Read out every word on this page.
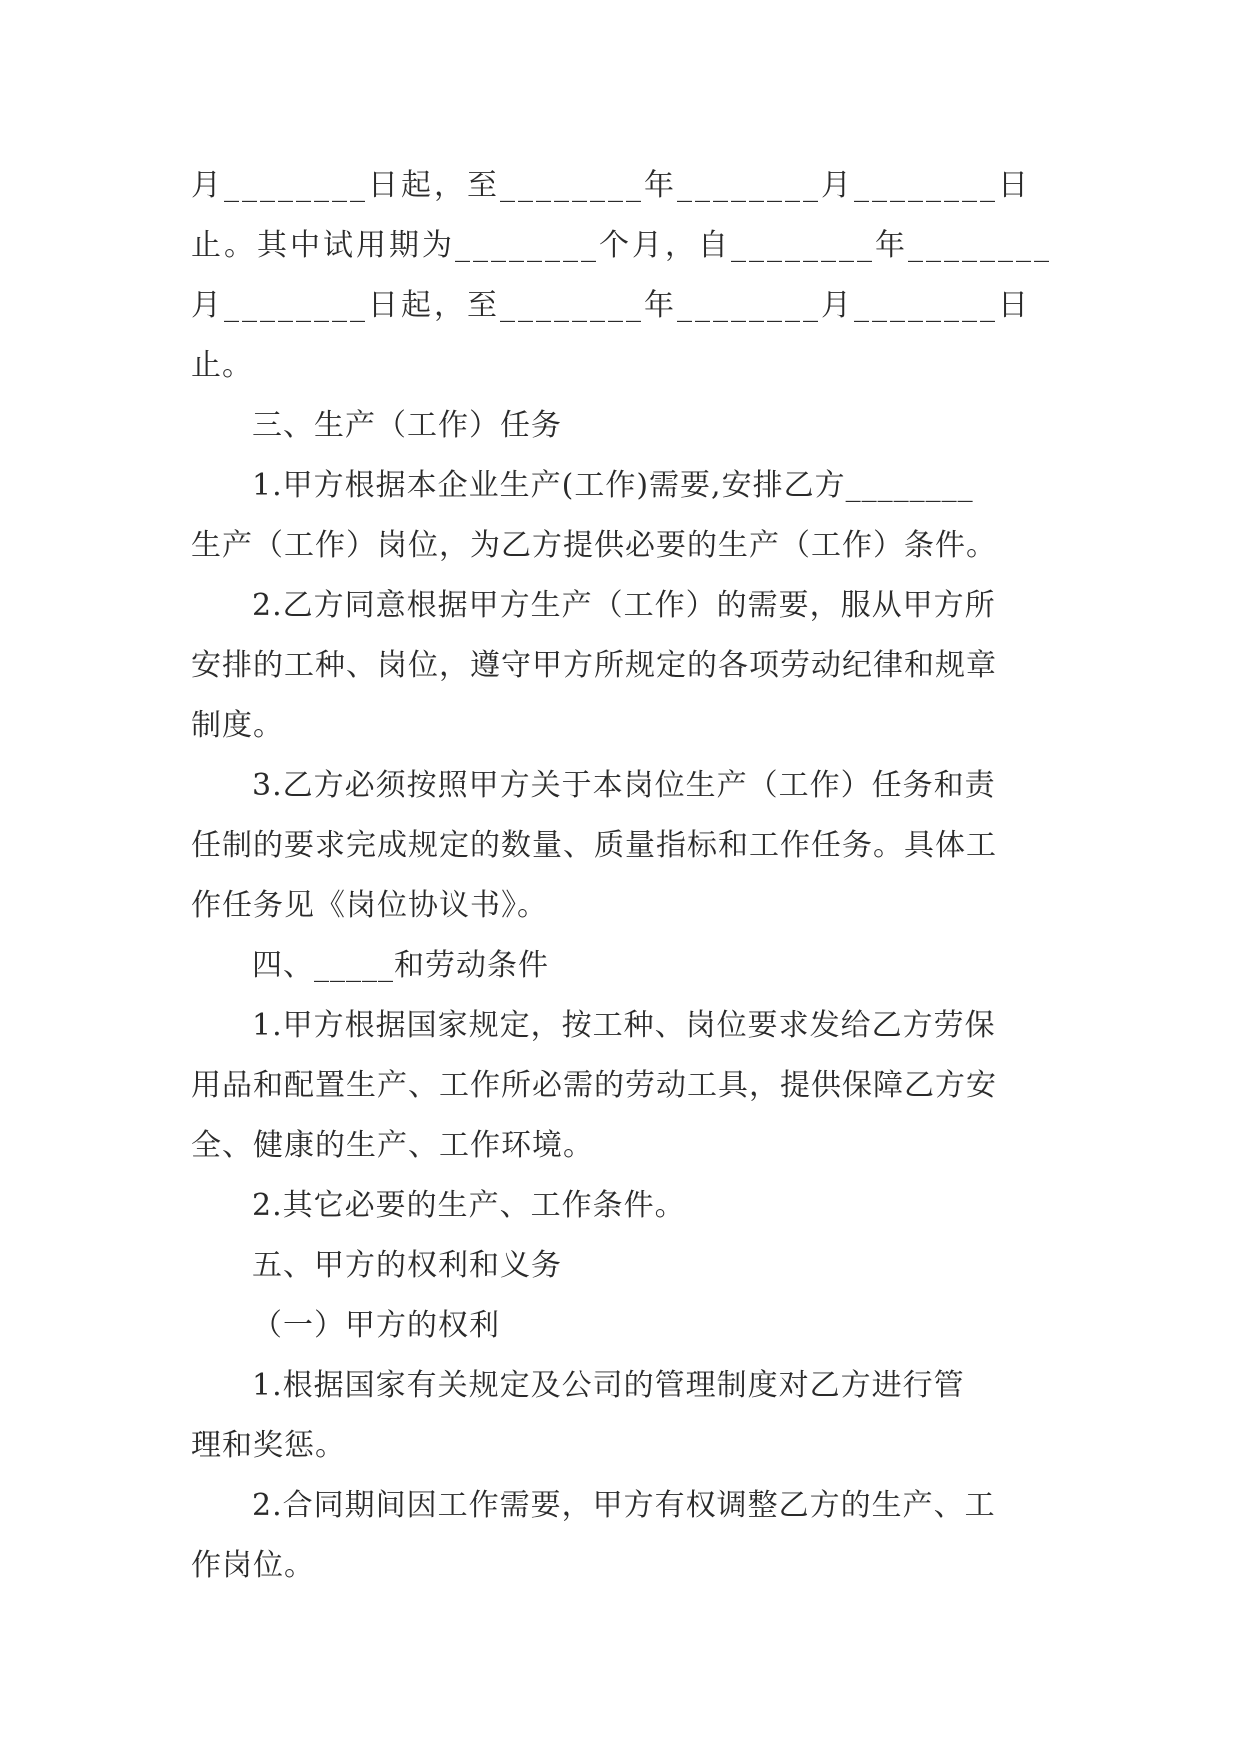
月________日起，至________年________月________日
止。其中试用期为________个月，自________年________
月________日起，至________年________月________日
止。
三、生产（工作）任务
1.甲方根据本企业生产(工作)需要,安排乙方________
生产（工作）岗位，为乙方提供必要的生产（工作）条件。
2.乙方同意根据甲方生产（工作）的需要，服从甲方所
安排的工种、岗位，遵守甲方所规定的各项劳动纪律和规章
制度。
3.乙方必须按照甲方关于本岗位生产（工作）任务和责
任制的要求完成规定的数量、质量指标和工作任务。具体工
作任务见《岗位协议书》。
四、_____和劳动条件
1.甲方根据国家规定，按工种、岗位要求发给乙方劳保
用品和配置生产、工作所必需的劳动工具，提供保障乙方安
全、健康的生产、工作环境。
2.其它必要的生产、工作条件。
五、甲方的权利和义务
（一）甲方的权利
1.根据国家有关规定及公司的管理制度对乙方进行管
理和奖惩。
2.合同期间因工作需要，甲方有权调整乙方的生产、工
作岗位。
